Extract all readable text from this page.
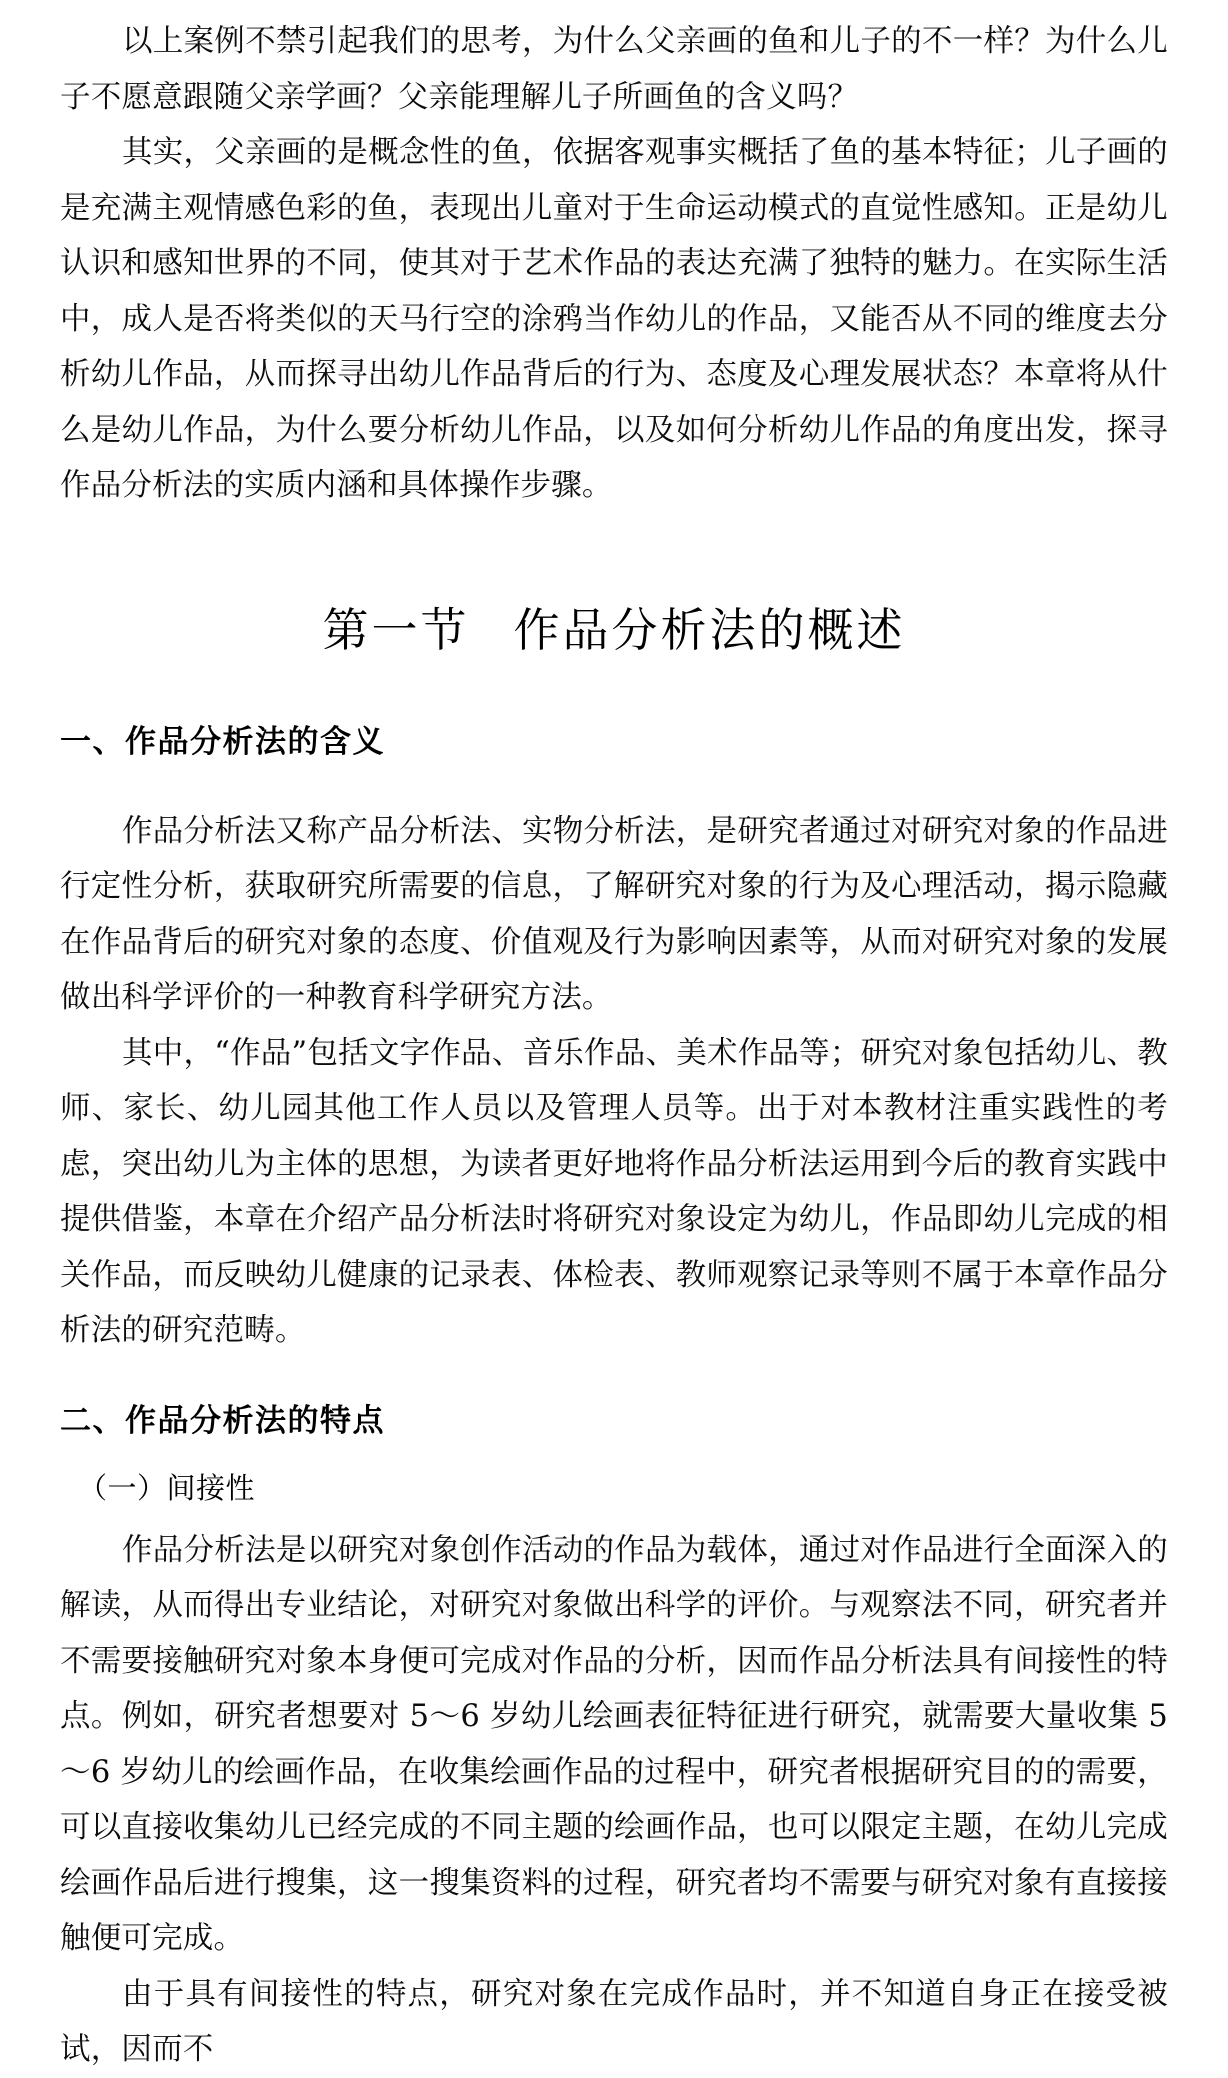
以上案例不禁引起我们的思考，为什么父亲画的鱼和儿子的不一样？为什么儿子不愿意跟随父亲学画？父亲能理解儿子所画鱼的含义吗？

其实，父亲画的是概念性的鱼，依据客观事实概括了鱼的基本特征；儿子画的是充满主观情感色彩的鱼，表现出儿童对于生命运动模式的直觉性感知。正是幼儿认识和感知世界的不同，使其对于艺术作品的表达充满了独特的魅力。在实际生活中，成人是否将类似的天马行空的涂鸦当作幼儿的作品，又能否从不同的维度去分析幼儿作品，从而探寻出幼儿作品背后的行为、态度及心理发展状态？本章将从什么是幼儿作品，为什么要分析幼儿作品，以及如何分析幼儿作品的角度出发，探寻作品分析法的实质内涵和具体操作步骤。

第一节 作品分析法的概述
一、作品分析法的含义

作品分析法又称产品分析法、实物分析法，是研究者通过对研究对象的作品进行定性分析，获取研究所需要的信息，了解研究对象的行为及心理活动，揭示隐藏在作品背后的研究对象的态度、价值观及行为影响因素等，从而对研究对象的发展做出科学评价的一种教育科学研究方法。

其中，“作品”包括文字作品、音乐作品、美术作品等；研究对象包括幼儿、教师、家长、幼儿园其他工作人员以及管理人员等。出于对本教材注重实践性的考虑，突出幼儿为主体的思想，为读者更好地将作品分析法运用到今后的教育实践中提供借鉴，本章在介绍产品分析法时将研究对象设定为幼儿，作品即幼儿完成的相关作品，而反映幼儿健康的记录表、体检表、教师观察记录等则不属于本章作品分析法的研究范畴。

二、作品分析法的特点
（一）间接性

作品分析法是以研究对象创作活动的作品为载体，通过对作品进行全面深入的解读，从而得出专业结论，对研究对象做出科学的评价。与观察法不同，研究者并不需要接触研究对象本身便可完成对作品的分析，因而作品分析法具有间接性的特点。例如，研究者想要对 5～6 岁幼儿绘画表征特征进行研究，就需要大量收集 5～6 岁幼儿的绘画作品，在收集绘画作品的过程中，研究者根据研究目的的需要，可以直接收集幼儿已经完成的不同主题的绘画作品，也可以限定主题，在幼儿完成绘画作品后进行搜集，这一搜集资料的过程，研究者均不需要与研究对象有直接接触便可完成。

由于具有间接性的特点，研究对象在完成作品时，并不知道自身正在接受被试，因而不
